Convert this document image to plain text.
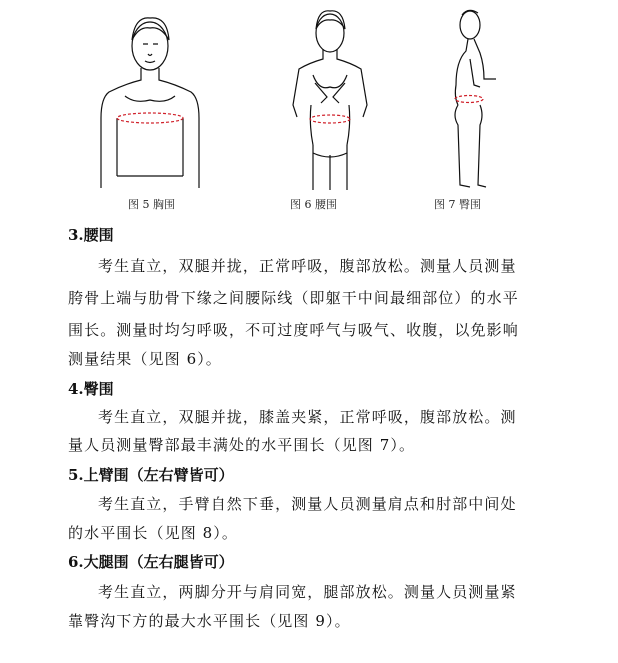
图 5 胸围	图 6 腰围	图 7 臀围
3.腰围
考生直立，双腿并拢，正常呼吸，腹部放松。测量人员测量
胯骨上端与肋骨下缘之间腰际线（即躯干中间最细部位）的水平
围长。测量时均匀呼吸，不可过度呼气与吸气、收腹，以免影响
测量结果（见图 6）。
4.臀围
考生直立，双腿并拢，膝盖夹紧，正常呼吸，腹部放松。测
量人员测量臀部最丰满处的水平围长（见图 7）。
5.上臂围（左右臂皆可）
考生直立，手臂自然下垂，测量人员测量肩点和肘部中间处
的水平围长（见图 8）。
6.大腿围（左右腿皆可）
考生直立，两脚分开与肩同宽，腿部放松。测量人员测量紧
靠臀沟下方的最大水平围长（见图 9）。
